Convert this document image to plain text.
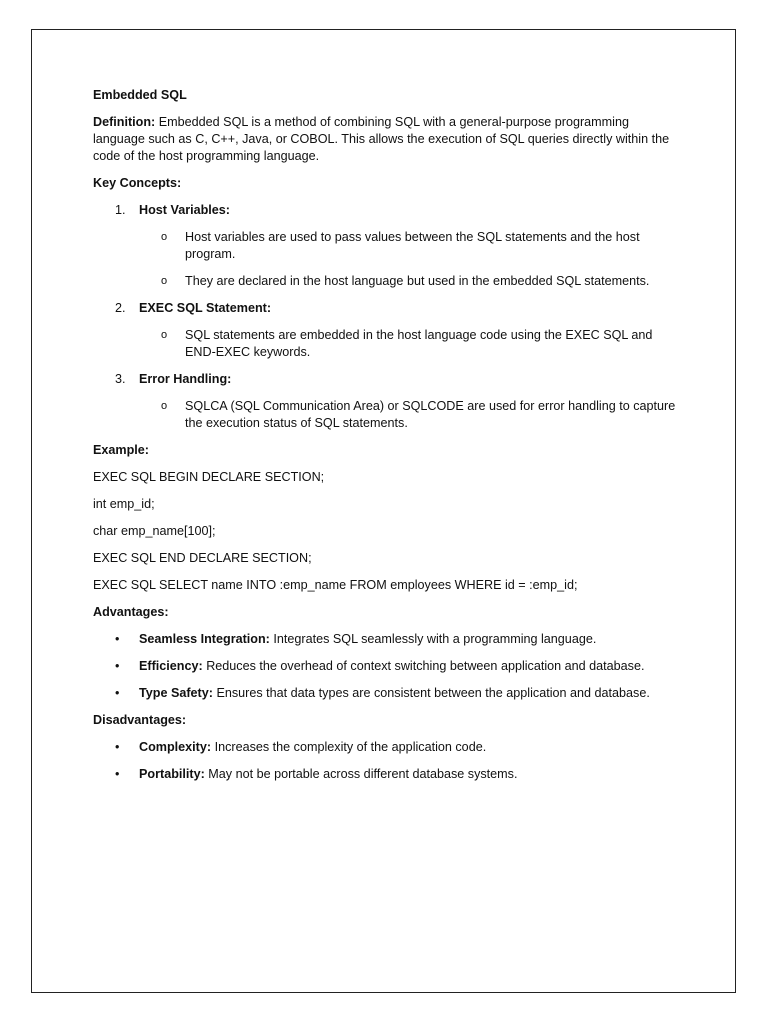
Embedded SQL

Definition: Embedded SQL is a method of combining SQL with a general-purpose programming language such as C, C++, Java, or COBOL. This allows the execution of SQL queries directly within the code of the host programming language.

Key Concepts:

1. Host Variables:
o Host variables are used to pass values between the SQL statements and the host program.
o They are declared in the host language but used in the embedded SQL statements.
2. EXEC SQL Statement:
o SQL statements are embedded in the host language code using the EXEC SQL and END-EXEC keywords.
3. Error Handling:
o SQLCA (SQL Communication Area) or SQLCODE are used for error handling to capture the execution status of SQL statements.

Example:

EXEC SQL BEGIN DECLARE SECTION;

int emp_id;

char emp_name[100];

EXEC SQL END DECLARE SECTION;

EXEC SQL SELECT name INTO :emp_name FROM employees WHERE id = :emp_id;

Advantages:

• Seamless Integration: Integrates SQL seamlessly with a programming language.
• Efficiency: Reduces the overhead of context switching between application and database.
• Type Safety: Ensures that data types are consistent between the application and database.

Disadvantages:

• Complexity: Increases the complexity of the application code.
• Portability: May not be portable across different database systems.
